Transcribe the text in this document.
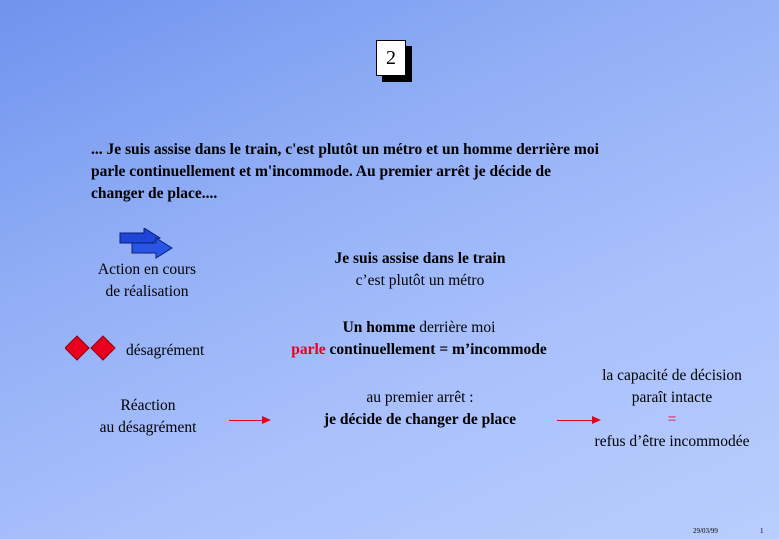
2
... Je suis assise dans le train, c'est plutôt un métro et un homme derrière moi
parle continuellement et m'incommode. Au premier arrêt je décide de
changer de place....
Action en cours
de réalisation
désagrément
Réaction
au désagrément
Je suis assise dans le train
c’est plutôt un métro
Un homme derrière moi
parle continuellement = m’incommode
au premier arrêt :
je décide de changer de place
la capacité de décision
paraît intacte
=
refus d’être incommodée
29/03/99	1
